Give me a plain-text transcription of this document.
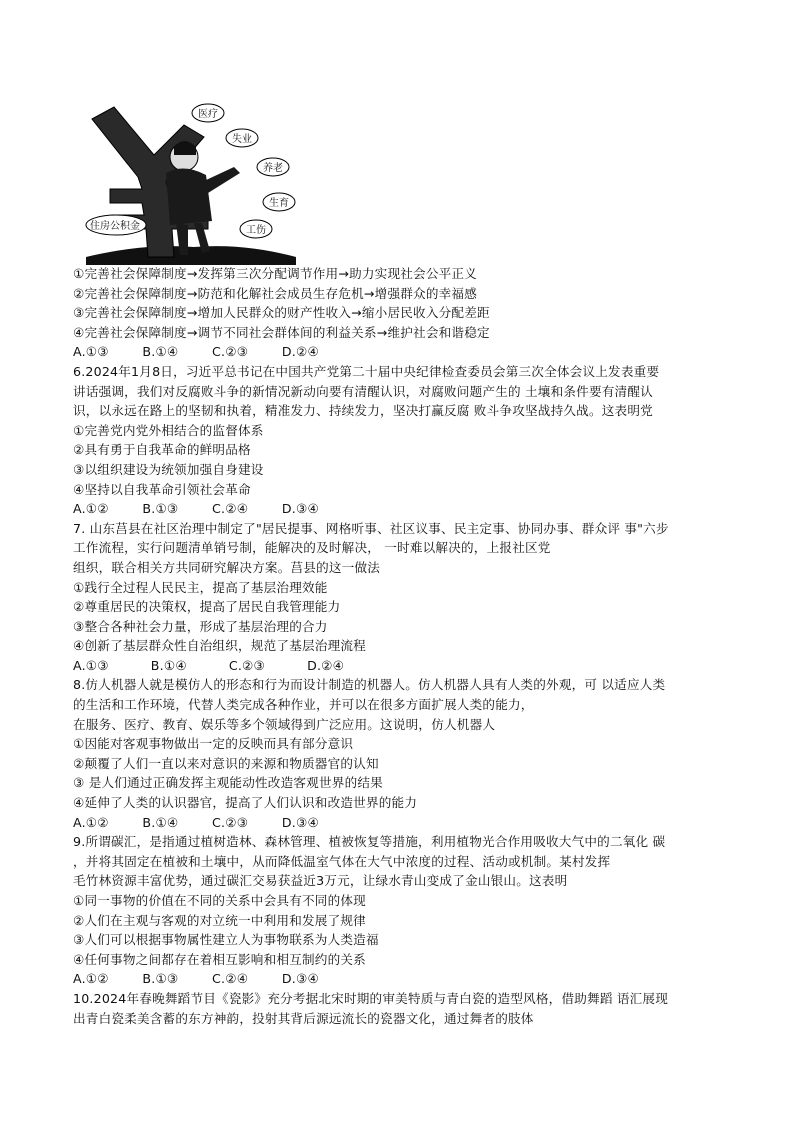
医疗
失业
养老
生育
工伤
住房公积金
①完善社会保障制度→发挥第三次分配调节作用→助力实现社会公平正义
②完善社会保障制度→防范和化解社会成员生存危机→增强群众的幸福感
③完善社会保障制度→增加人民群众的财产性收入→缩小居民收入分配差距
④完善社会保障制度→调节不同社会群体间的利益关系→维护社会和谐稳定
A.①③        B.①④        C.②③        D.②④
6.2024年1月8日，习近平总书记在中国共产党第二十届中央纪律检查委员会第三次全体会议上发表重要
讲话强调，我们对反腐败斗争的新情况新动向要有清醒认识，对腐败问题产生的 土壤和条件要有清醒认
识，以永远在路上的坚韧和执着，精准发力、持续发力，坚决打赢反腐 败斗争攻坚战持久战。这表明党
①完善党内党外相结合的监督体系
②具有勇于自我革命的鲜明品格
③以组织建设为统领加强自身建设
④坚持以自我革命引领社会革命
A.①②        B.①③        C.②④        D.③④
7. 山东莒县在社区治理中制定了"居民提事、网格听事、社区议事、民主定事、协同办事、群众评 事"六步
工作流程，实行问题清单销号制，能解决的及时解决， 一时难以解决的，上报社区党
组织，联合相关方共同研究解决方案。莒县的这一做法
①践行全过程人民民主，提高了基层治理效能
②尊重居民的决策权，提高了居民自我管理能力
③整合各种社会力量，形成了基层治理的合力
④创新了基层群众性自治组织，规范了基层治理流程
A.①③          B.①④          C.②③          D.②④
8.仿人机器人就是模仿人的形态和行为而设计制造的机器人。仿人机器人具有人类的外观，可 以适应人类
的生活和工作环境，代替人类完成各种作业，并可以在很多方面扩展人类的能力，
在服务、医疗、教育、娱乐等多个领域得到广泛应用。这说明，仿人机器人
①因能对客观事物做出一定的反映而具有部分意识
②颠覆了人们一直以来对意识的来源和物质器官的认知
③ 是人们通过正确发挥主观能动性改造客观世界的结果
④延伸了人类的认识器官，提高了人们认识和改造世界的能力
A.①②        B.①④        C.②③        D.③④
9.所谓碳汇，是指通过植树造林、森林管理、植被恢复等措施，利用植物光合作用吸收大气中的二氧化 碳
，并将其固定在植被和土壤中，从而降低温室气体在大气中浓度的过程、活动或机制。某村发挥
毛竹林资源丰富优势，通过碳汇交易获益近3万元，让绿水青山变成了金山银山。这表明
①同一事物的价值在不同的关系中会具有不同的体现
②人们在主观与客观的对立统一中利用和发展了规律
③人们可以根据事物属性建立人为事物联系为人类造福
④任何事物之间都存在着相互影响和相互制约的关系
A.①②        B.①③        C.②④        D.③④
10.2024年春晚舞蹈节目《瓷影》充分考据北宋时期的审美特质与青白瓷的造型风格，借助舞蹈 语汇展现
出青白瓷柔美含蓄的东方神韵，投射其背后源远流长的瓷器文化，通过舞者的肢体
